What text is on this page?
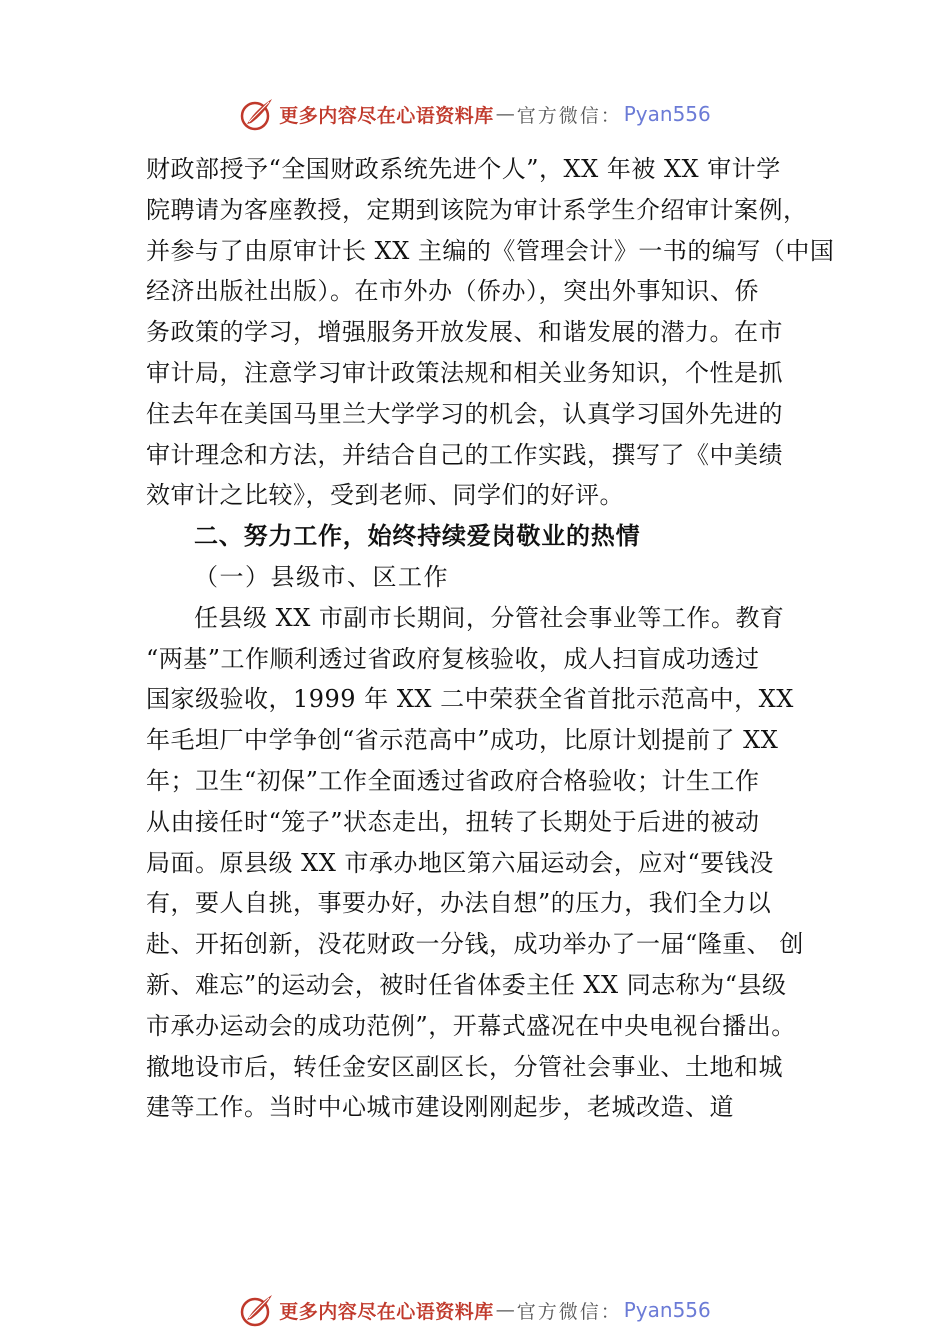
更多内容尽在心语资料库 — 官方微信： Pyan556
财政部授予“全国财政系统先进个人”，XX 年被 XX 审计学
院聘请为客座教授，定期到该院为审计系学生介绍审计案例，
并参与了由原审计长 XX 主编的《管理会计》一书的编写（中国
经济出版社出版）。在市外办（侨办），突出外事知识、侨
务政策的学习，增强服务开放发展、和谐发展的潜力。在市
审计局，注意学习审计政策法规和相关业务知识，个性是抓
住去年在美国马里兰大学学习的机会，认真学习国外先进的
审计理念和方法，并结合自己的工作实践，撰写了《中美绩
效审计之比较》，受到老师、同学们的好评。
二、努力工作，始终持续爱岗敬业的热情
（一）县级市、区工作
任县级 XX 市副市长期间，分管社会事业等工作。教育
“两基”工作顺利透过省政府复核验收，成人扫盲成功透过
国家级验收，1999 年 XX 二中荣获全省首批示范高中，XX
年毛坦厂中学争创“省示范高中”成功，比原计划提前了 XX
年；卫生“初保”工作全面透过省政府合格验收；计生工作
从由接任时“笼子”状态走出，扭转了长期处于后进的被动
局面。原县级 XX 市承办地区第六届运动会，应对“要钱没
有，要人自挑，事要办好，办法自想”的压力，我们全力以
赴、开拓创新，没花财政一分钱，成功举办了一届“隆重、 创
新、难忘”的运动会，被时任省体委主任 XX 同志称为“县级
市承办运动会的成功范例”，开幕式盛况在中央电视台播出。
撤地设市后，转任金安区副区长，分管社会事业、土地和城
建等工作。当时中心城市建设刚刚起步，老城改造、道
更多内容尽在心语资料库 — 官方微信： Pyan556
